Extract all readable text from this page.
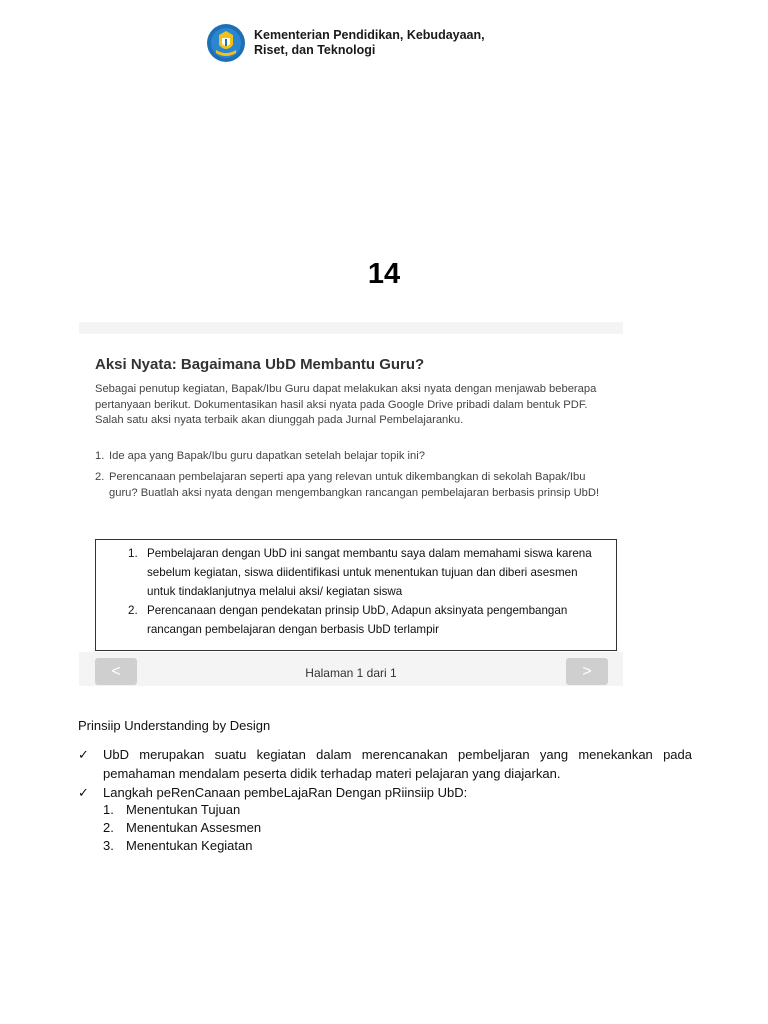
Kementerian Pendidikan, Kebudayaan,
Riset, dan Teknologi
14
Aksi Nyata: Bagaimana UbD Membantu Guru?
Sebagai penutup kegiatan, Bapak/Ibu Guru dapat melakukan aksi nyata dengan menjawab beberapa pertanyaan berikut. Dokumentasikan hasil aksi nyata pada Google Drive pribadi dalam bentuk PDF. Salah satu aksi nyata terbaik akan diunggah pada Jurnal Pembelajaranku.
1. Ide apa yang Bapak/Ibu guru dapatkan setelah belajar topik ini?
2. Perencanaan pembelajaran seperti apa yang relevan untuk dikembangkan di sekolah Bapak/Ibu guru? Buatlah aksi nyata dengan mengembangkan rancangan pembelajaran berbasis prinsip UbD!
1. Pembelajaran dengan UbD ini sangat membantu saya dalam memahami siswa karena sebelum kegiatan, siswa diidentifikasi untuk menentukan tujuan dan diberi asesmen untuk tindaklanjutnya melalui aksi/ kegiatan siswa
2. Perencanaan dengan pendekatan prinsip UbD, Adapun aksinyata pengembangan rancangan pembelajaran dengan berbasis UbD terlampir
<	Halaman 1 dari 1	>
Prinsiip Understanding by Design
✓	UbD merupakan suatu kegiatan dalam merencanakan pembeljaran yang menekankan pada pemahaman mendalam peserta didik terhadap materi pelajaran yang diajarkan.
✓	Langkah peRenCanaan pembeLajaRan Dengan pRiinsiip UbD:
1. Menentukan Tujuan
2. Menentukan Assesmen
3. Menentukan Kegiatan
